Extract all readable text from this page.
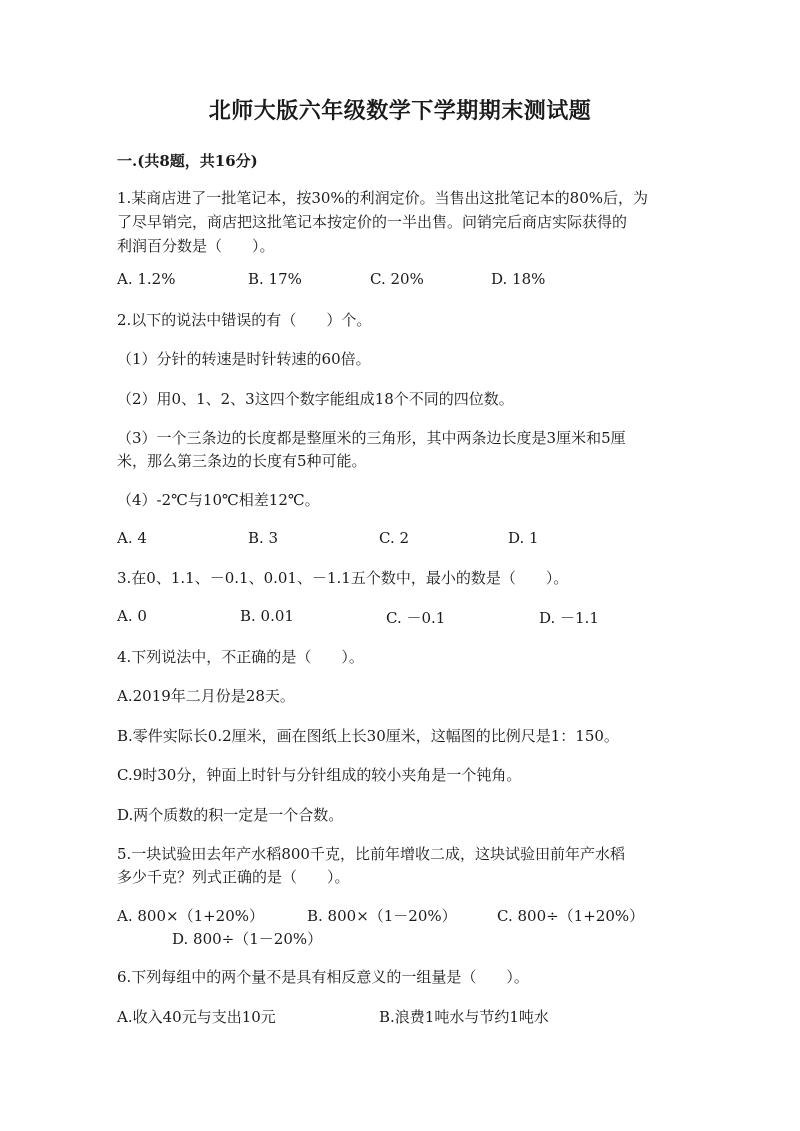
北师大版六年级数学下学期期末测试题
一.(共8题，共16分)
1.某商店进了一批笔记本，按30%的利润定价。当售出这批笔记本的80%后，为
了尽早销完，商店把这批笔记本按定价的一半出售。问销完后商店实际获得的
利润百分数是（　　）。
A. 1.2%	B. 17%	C. 20%	D. 18%
2.以下的说法中错误的有（　　）个。
（1）分针的转速是时针转速的60倍。
（2）用0、1、2、3这四个数字能组成18个不同的四位数。
（3）一个三条边的长度都是整厘米的三角形，其中两条边长度是3厘米和5厘
米，那么第三条边的长度有5种可能。
（4）-2℃与10℃相差12℃。
A. 4	B. 3	C. 2	D. 1
3.在0、1.1、－0.1、0.01、－1.1五个数中，最小的数是（　　）。
A. 0	B. 0.01	C. －0.1	D. －1.1
4.下列说法中，不正确的是（　　）。
A.2019年二月份是28天。
B.零件实际长0.2厘米，画在图纸上长30厘米，这幅图的比例尺是1：150。
C.9时30分，钟面上时针与分针组成的较小夹角是一个钝角。
D.两个质数的积一定是一个合数。
5.一块试验田去年产水稻800千克，比前年增收二成，这块试验田前年产水稻
多少千克？列式正确的是（　　）。
A. 800×（1+20%）	B. 800×（1－20%）	C. 800÷（1+20%）
D. 800÷（1－20%）
6.下列每组中的两个量不是具有相反意义的一组量是（　　）。
A.收入40元与支出10元	B.浪费1吨水与节约1吨水
